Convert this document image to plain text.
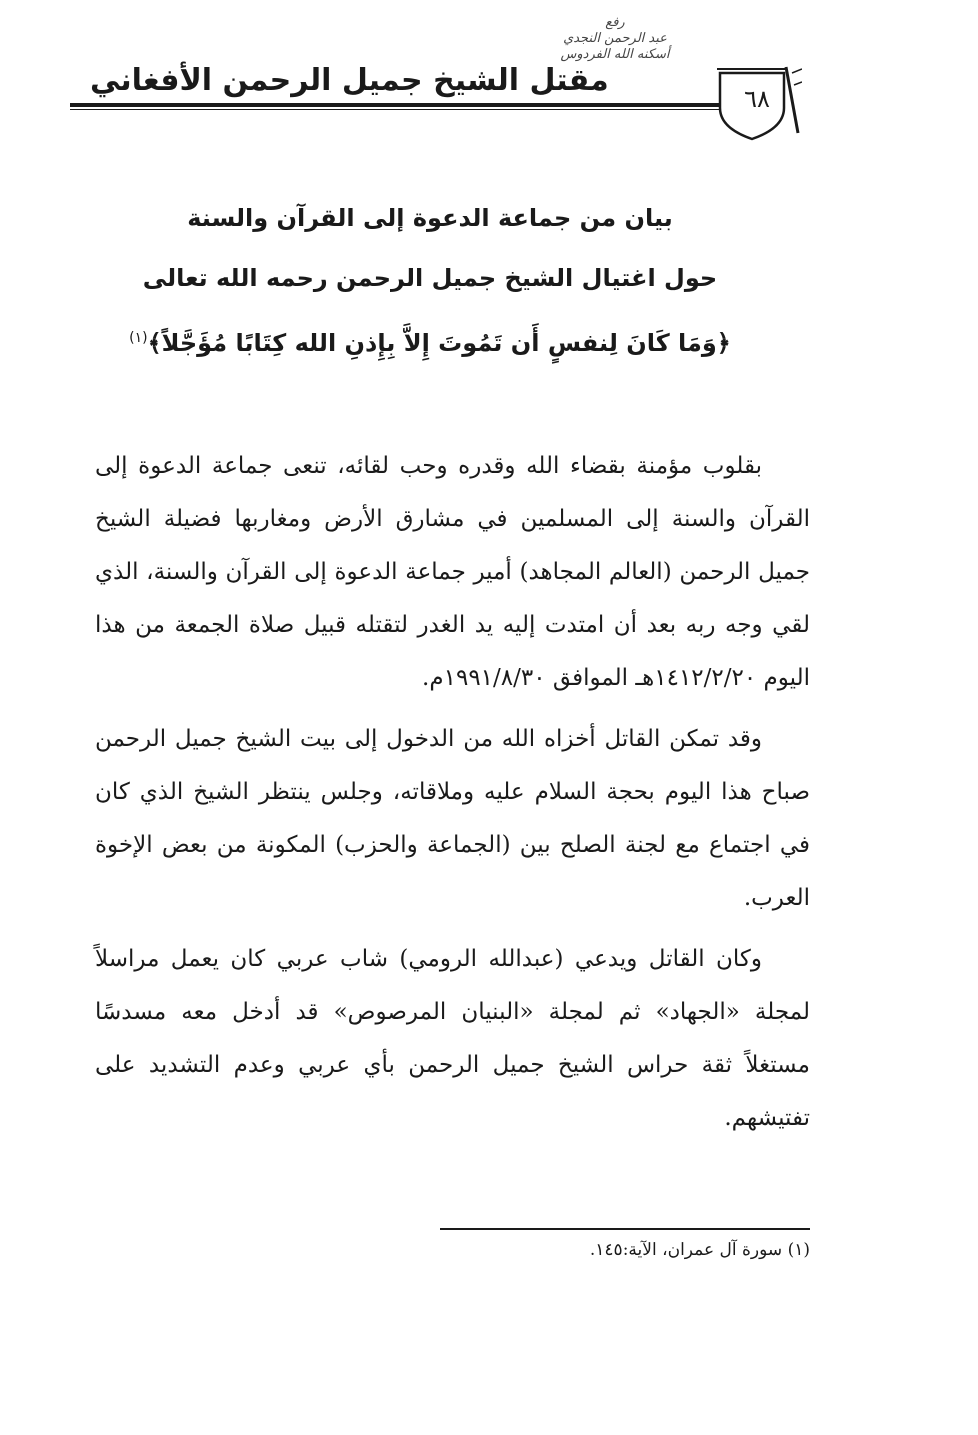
مقتل الشيخ جميل الرحمن الأفغاني
رفع
عبد الرحمن النجدي
أسكنه الله الفردوس
٦٨
بيان من جماعة الدعوة إلى القرآن والسنة
حول اغتيال الشيخ جميل الرحمن رحمه الله تعالى
﴿وَمَا كَانَ لِنفسٍ أَن تَمُوتَ إِلاَّ بِإِذنِ الله كِتَابًا مُؤَجَّلاً﴾$^{(١)}$

بقلوب مؤمنة بقضاء الله وقدره وحب لقائه، تنعى جماعة الدعوة إلى القرآن والسنة إلى المسلمين في مشارق الأرض ومغاربها فضيلة الشيخ جميل الرحمن (العالم المجاهد) أمير جماعة الدعوة إلى القرآن والسنة، الذي لقي وجه ربه بعد أن امتدت إليه يد الغدر لتقتله قبيل صلاة الجمعة من هذا اليوم ١٤١٢/٢/٢٠هـ الموافق ١٩٩١/٨/٣٠م.

وقد تمكن القاتل أخزاه الله من الدخول إلى بيت الشيخ جميل الرحمن صباح هذا اليوم بحجة السلام عليه وملاقاته، وجلس ينتظر الشيخ الذي كان في اجتماع مع لجنة الصلح بين (الجماعة والحزب) المكونة من بعض الإخوة العرب.

وكان القاتل ويدعي (عبدالله الرومي) شاب عربي كان يعمل مراسلاً لمجلة «الجهاد» ثم لمجلة «البنيان المرصوص» قد أدخل معه مسدسًا مستغلاً ثقة حراس الشيخ جميل الرحمن بأي عربي وعدم التشديد على تفتيشهم.

(١) سورة آل عمران، الآية:١٤٥.
